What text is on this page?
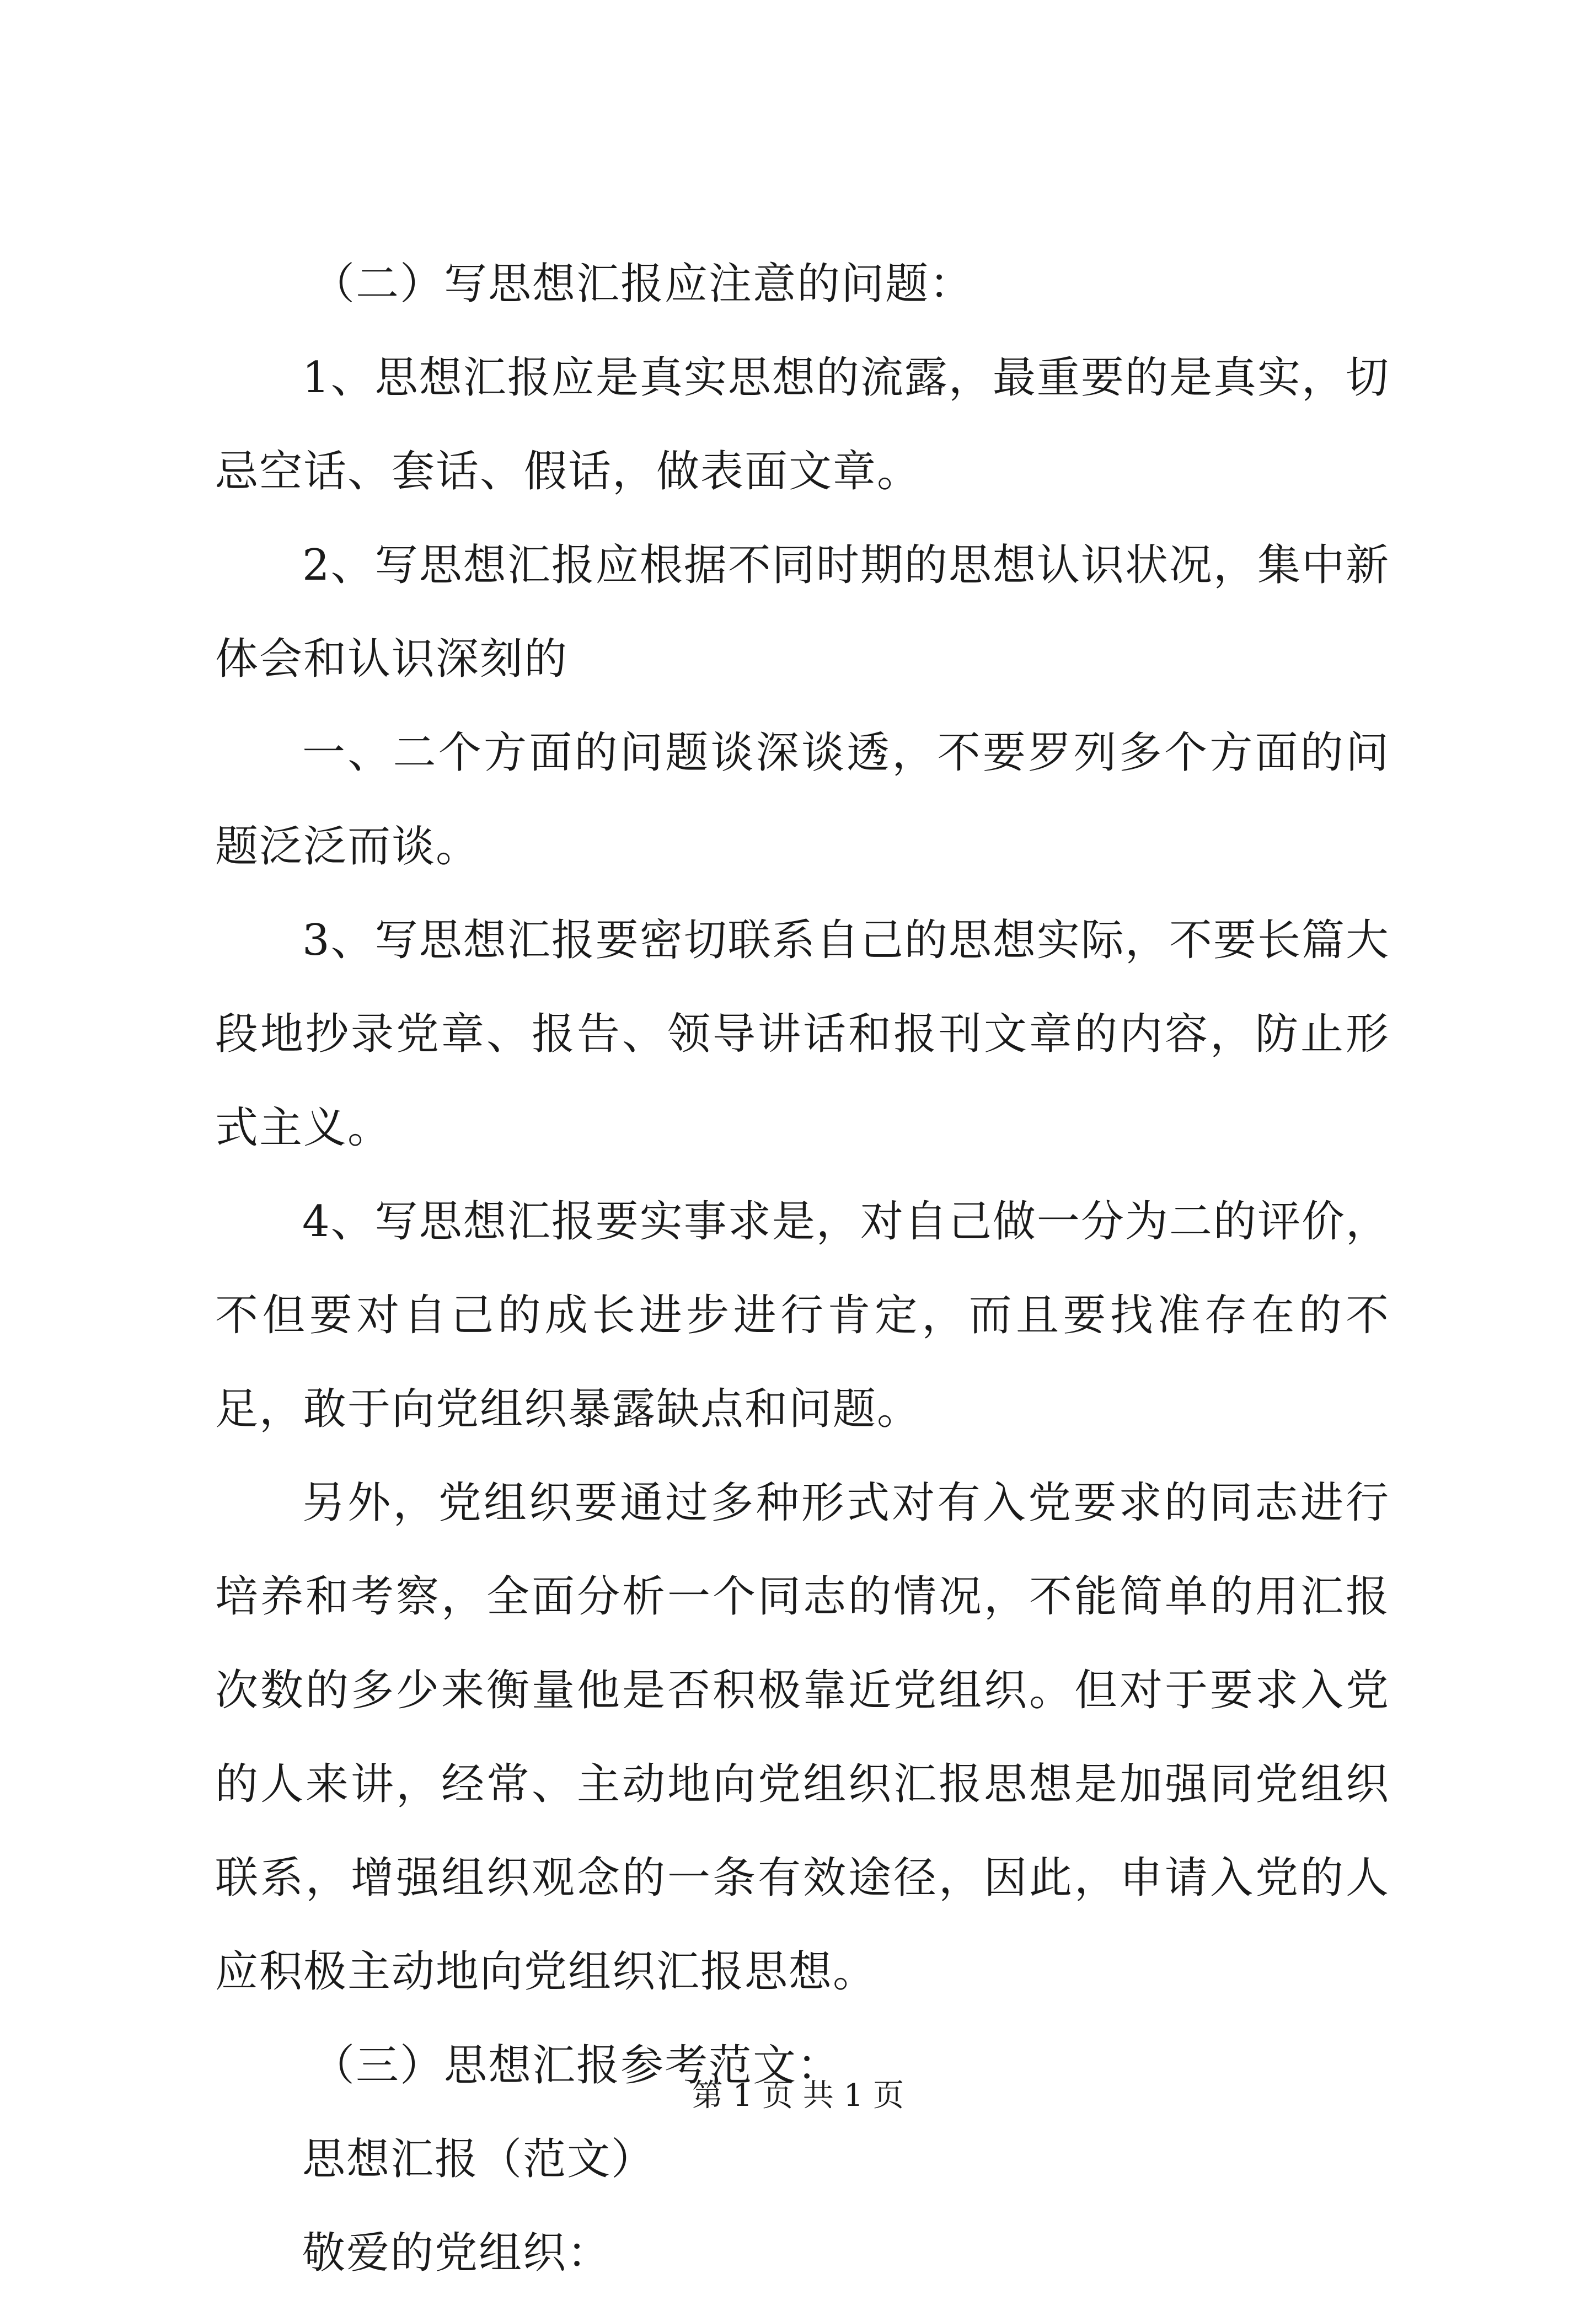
（二）写思想汇报应注意的问题：

1、思想汇报应是真实思想的流露，最重要的是真实，切忌空话、套话、假话，做表面文章。

2、写思想汇报应根据不同时期的思想认识状况，集中新体会和认识深刻的

一、二个方面的问题谈深谈透，不要罗列多个方面的问题泛泛而谈。

3、写思想汇报要密切联系自己的思想实际，不要长篇大段地抄录党章、报告、领导讲话和报刊文章的内容，防止形式主义。

4、写思想汇报要实事求是，对自己做一分为二的评价，不但要对自己的成长进步进行肯定，而且要找准存在的不足，敢于向党组织暴露缺点和问题。

另外，党组织要通过多种形式对有入党要求的同志进行培养和考察，全面分析一个同志的情况，不能简单的用汇报次数的多少来衡量他是否积极靠近党组织。但对于要求入党的人来讲，经常、主动地向党组织汇报思想是加强同党组织联系，增强组织观念的一条有效途径，因此，申请入党的人应积极主动地向党组织汇报思想。

（三）思想汇报参考范文：

思想汇报（范文）

敬爱的党组织：

第 1 页 共 1 页
